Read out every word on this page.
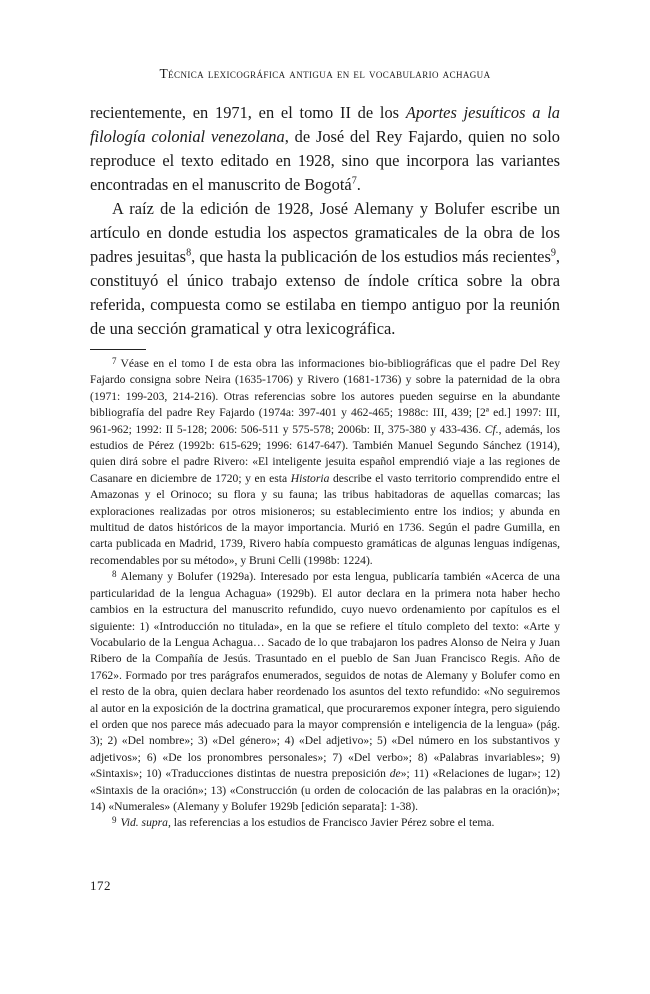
Técnica lexicográfica antigua en el vocabulario achagua

recientemente, en 1971, en el tomo II de los Aportes jesuíticos a la filología colonial venezolana, de José del Rey Fajardo, quien no solo reproduce el texto editado en 1928, sino que incorpora las variantes encontradas en el manuscrito de Bogotá$^7$.

A raíz de la edición de 1928, José Alemany y Bolufer escribe un artículo en donde estudia los aspectos gramaticales de la obra de los padres jesuitas$^8$, que hasta la publicación de los estudios más recientes$^9$, constituyó el único trabajo extenso de índole crítica sobre la obra referida, compuesta como se estilaba en tiempo antiguo por la reunión de una sección gramatical y otra lexicográfica.

$^7$ Véase en el tomo I de esta obra las informaciones bio-bibliográficas que el padre Del Rey Fajardo consigna sobre Neira (1635-1706) y Rivero (1681-1736) y sobre la paternidad de la obra (1971: 199-203, 214-216). Otras referencias sobre los autores pueden seguirse en la abundante bibliografía del padre Rey Fajardo (1974a: 397-401 y 462-465; 1988c: III, 439; [2ª ed.] 1997: III, 961-962; 1992: II 5-128; 2006: 506-511 y 575-578; 2006b: II, 375-380 y 433-436. Cf., además, los estudios de Pérez (1992b: 615-629; 1996: 6147-647). También Manuel Segundo Sánchez (1914), quien dirá sobre el padre Rivero: «El inteligente jesuita español emprendió viaje a las regiones de Casanare en diciembre de 1720; y en esta Historia describe el vasto territorio comprendido entre el Amazonas y el Orinoco; su flora y su fauna; las tribus habitadoras de aquellas comarcas; las exploraciones realizadas por otros misioneros; su establecimiento entre los indios; y abunda en multitud de datos históricos de la mayor importancia. Murió en 1736. Según el padre Gumilla, en carta publicada en Madrid, 1739, Rivero había compuesto gramáticas de algunas lenguas indígenas, recomendables por su método», y Bruni Celli (1998b: 1224).

$^8$ Alemany y Bolufer (1929a). Interesado por esta lengua, publicaría también «Acerca de una particularidad de la lengua Achagua» (1929b). El autor declara en la primera nota haber hecho cambios en la estructura del manuscrito refundido, cuyo nuevo ordenamiento por capítulos es el siguiente: 1) «Introducción no titulada», en la que se refiere el título completo del texto: «Arte y Vocabulario de la Lengua Achagua… Sacado de lo que trabajaron los padres Alonso de Neira y Juan Ribero de la Compañía de Jesús. Trasuntado en el pueblo de San Juan Francisco Regis. Año de 1762». Formado por tres parágrafos enumerados, seguidos de notas de Alemany y Bolufer como en el resto de la obra, quien declara haber reordenado los asuntos del texto refundido: «No seguiremos al autor en la exposición de la doctrina gramatical, que procuraremos exponer íntegra, pero siguiendo el orden que nos parece más adecuado para la mayor comprensión e inteligencia de la lengua» (pág. 3); 2) «Del nombre»; 3) «Del género»; 4) «Del adjetivo»; 5) «Del número en los substantivos y adjetivos»; 6) «De los pronombres personales»; 7) «Del verbo»; 8) «Palabras invariables»; 9) «Sintaxis»; 10) «Traducciones distintas de nuestra preposición de»; 11) «Relaciones de lugar»; 12) «Sintaxis de la oración»; 13) «Construcción (u orden de colocación de las palabras en la oración)»; 14) «Numerales» (Alemany y Bolufer 1929b [edición separata]: 1-38).

$^9$ Vid. supra, las referencias a los estudios de Francisco Javier Pérez sobre el tema.

172
